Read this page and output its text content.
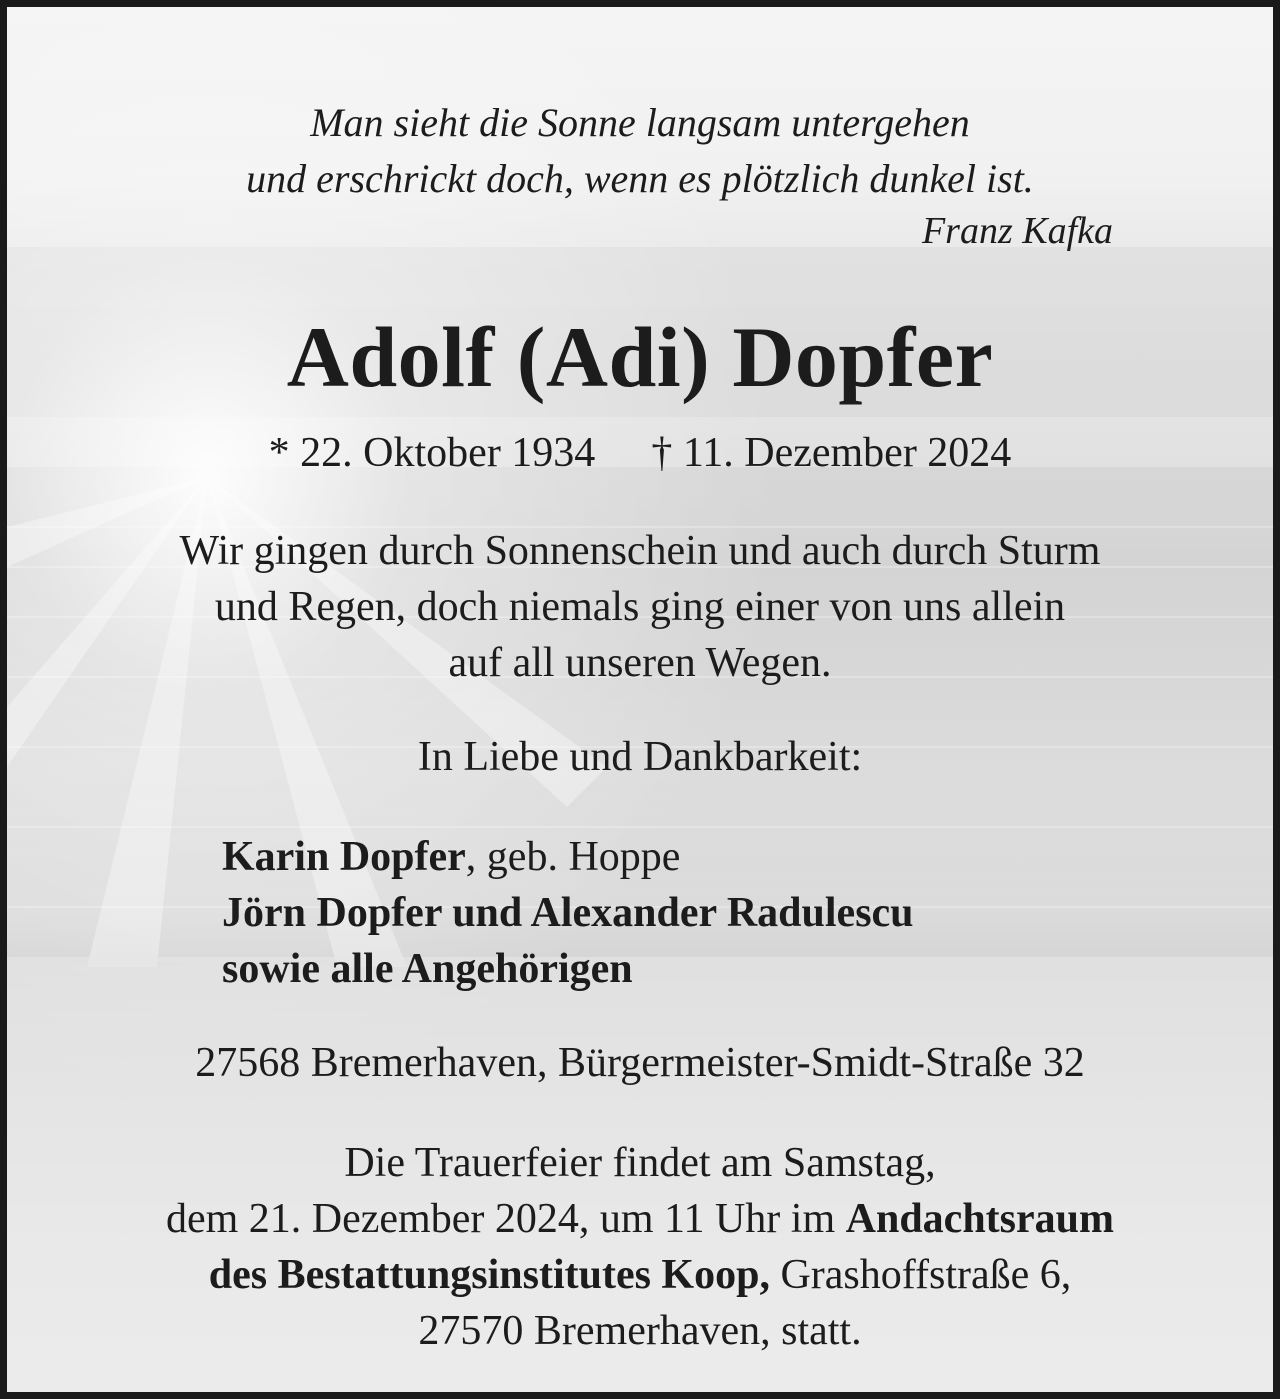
Man sieht die Sonne langsam untergehen
und erschrickt doch, wenn es plötzlich dunkel ist.
Franz Kafka
Adolf (Adi) Dopfer
* 22. Oktober 1934 † 11. Dezember 2024
Wir gingen durch Sonnenschein und auch durch Sturm
und Regen, doch niemals ging einer von uns allein
auf all unseren Wegen.
In Liebe und Dankbarkeit:
Karin Dopfer, geb. Hoppe
Jörn Dopfer und Alexander Radulescu
sowie alle Angehörigen
27568 Bremerhaven, Bürgermeister-Smidt-Straße 32
Die Trauerfeier findet am Samstag,
dem 21. Dezember 2024, um 11 Uhr im Andachtsraum
des Bestattungsinstitutes Koop, Grashoffstraße 6,
27570 Bremerhaven, statt.
